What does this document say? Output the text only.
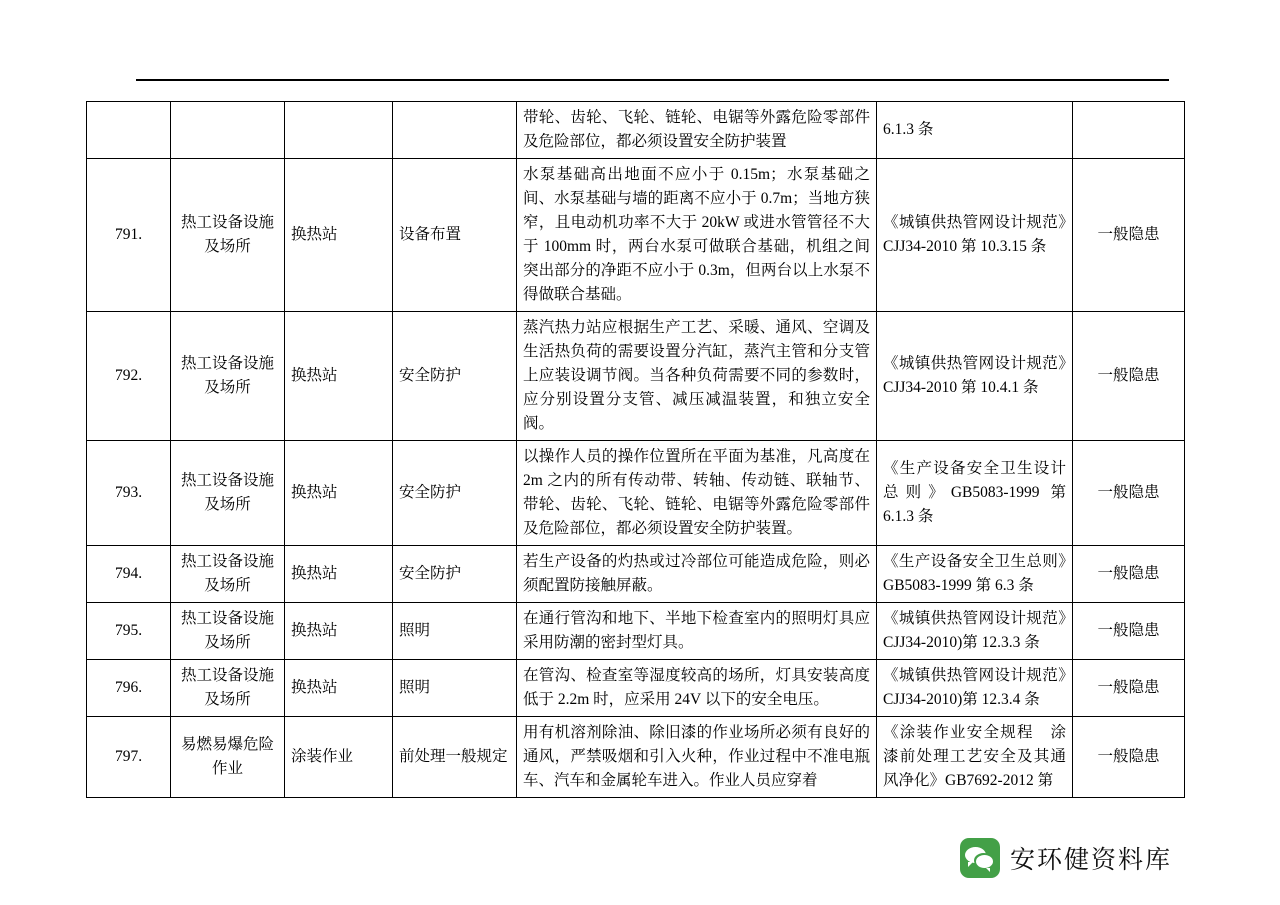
				带轮、齿轮、飞轮、链轮、电锯等外露危险零部件及危险部位，都必须设置安全防护装置	6.1.3 条	
791.	热工设备设施及场所	换热站	设备布置	水泵基础高出地面不应小于 0.15m；水泵基础之间、水泵基础与墙的距离不应小于 0.7m；当地方狭窄，且电动机功率不大于 20kW 或进水管管径不大于 100mm 时，两台水泵可做联合基础，机组之间突出部分的净距不应小于 0.3m，但两台以上水泵不得做联合基础。	《城镇供热管网设计规范》CJJ34-2010 第 10.3.15 条	一般隐患
792.	热工设备设施及场所	换热站	安全防护	蒸汽热力站应根据生产工艺、采暖、通风、空调及生活热负荷的需要设置分汽缸，蒸汽主管和分支管上应装设调节阀。当各种负荷需要不同的参数时，应分别设置分支管、减压减温装置，和独立安全阀。	《城镇供热管网设计规范》CJJ34-2010 第 10.4.1 条	一般隐患
793.	热工设备设施及场所	换热站	安全防护	以操作人员的操作位置所在平面为基准，凡高度在 2m 之内的所有传动带、转轴、传动链、联轴节、带轮、齿轮、飞轮、链轮、电锯等外露危险零部件及危险部位，都必须设置安全防护装置。	《生产设备安全卫生设计总则》GB5083-1999 第 6.1.3 条	一般隐患
794.	热工设备设施及场所	换热站	安全防护	若生产设备的灼热或过冷部位可能造成危险，则必须配置防接触屏蔽。	《生产设备安全卫生总则》GB5083-1999 第 6.3 条	一般隐患
795.	热工设备设施及场所	换热站	照明	在通行管沟和地下、半地下检查室内的照明灯具应采用防潮的密封型灯具。	《城镇供热管网设计规范》CJJ34-2010)第 12.3.3 条	一般隐患
796.	热工设备设施及场所	换热站	照明	在管沟、检查室等湿度较高的场所，灯具安装高度低于 2.2m 时，应采用 24V 以下的安全电压。	《城镇供热管网设计规范》CJJ34-2010)第 12.3.4 条	一般隐患
797.	易燃易爆危险作业	涂装作业	前处理一般规定	用有机溶剂除油、除旧漆的作业场所必须有良好的通风，严禁吸烟和引入火种，作业过程中不准电瓶车、汽车和金属轮车进入。作业人员应穿着	《涂装作业安全规程　涂漆前处理工艺安全及其通风净化》GB7692-2012 第	一般隐患
安环健资料库
